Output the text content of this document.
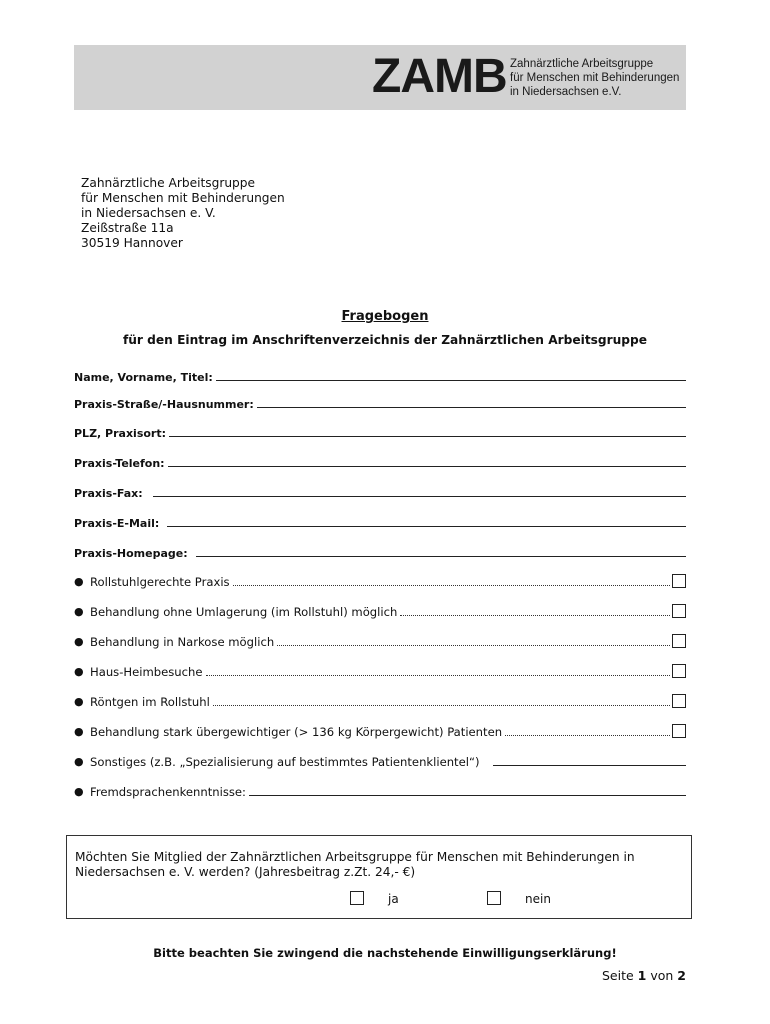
ZAMB Zahnärztliche Arbeitsgruppe
für Menschen mit Behinderungen
in Niedersachsen e.V.
Zahnärztliche Arbeitsgruppe
für Menschen mit Behinderungen
in Niedersachsen e. V.
Zeißstraße 11a
30519 Hannover
Fragebogen
für den Eintrag im Anschriftenverzeichnis der Zahnärztlichen Arbeitsgruppe
Name, Vorname, Titel:
Praxis-Straße/-Hausnummer:
PLZ, Praxisort:
Praxis-Telefon:
Praxis-Fax:
Praxis-E-Mail:
Praxis-Homepage:
● Rollstuhlgerechte Praxis
● Behandlung ohne Umlagerung (im Rollstuhl) möglich
● Behandlung in Narkose möglich
● Haus-Heimbesuche
● Röntgen im Rollstuhl
● Behandlung stark übergewichtiger (> 136 kg Körpergewicht) Patienten
● Sonstiges (z.B. „Spezialisierung auf bestimmtes Patientenklientel“)
● Fremdsprachenkenntnisse:
Möchten Sie Mitglied der Zahnärztlichen Arbeitsgruppe für Menschen mit Behinderungen in Niedersachsen e. V. werden? (Jahresbeitrag z.Zt. 24,- €)
ja	nein
Bitte beachten Sie zwingend die nachstehende Einwilligungserklärung!
Seite 1 von 2
